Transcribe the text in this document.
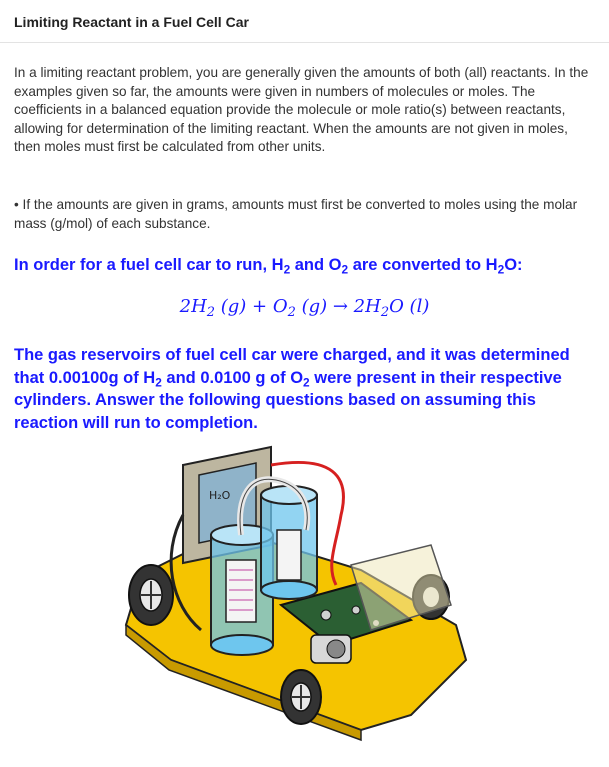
Limiting Reactant in a Fuel Cell Car

In a limiting reactant problem, you are generally given the amounts of both (all) reactants. In the examples given so far, the amounts were given in numbers of molecules or moles. The coefficients in a balanced equation provide the molecule or mole ratio(s) between reactants, allowing for determination of the limiting reactant. When the amounts are not given in moles, then moles must first be calculated from other units.

• If the amounts are given in grams, amounts must first be converted to moles using the molar mass (g/mol) of each substance.

In order for a fuel cell car to run, $H_2$ and $O_2$ are converted to $H_2O$:
$2H_2$ $(g) + O_2$ $(g) \to 2H_2O$ (l)
The gas reservoirs of fuel cell car were charged, and it was determined that 0.00100g of $H_2$ and 0.0100 g of $O_2$ were present in their respective cylinders. Answer the following questions based on assuming this reaction will run to completion.
H₂O
